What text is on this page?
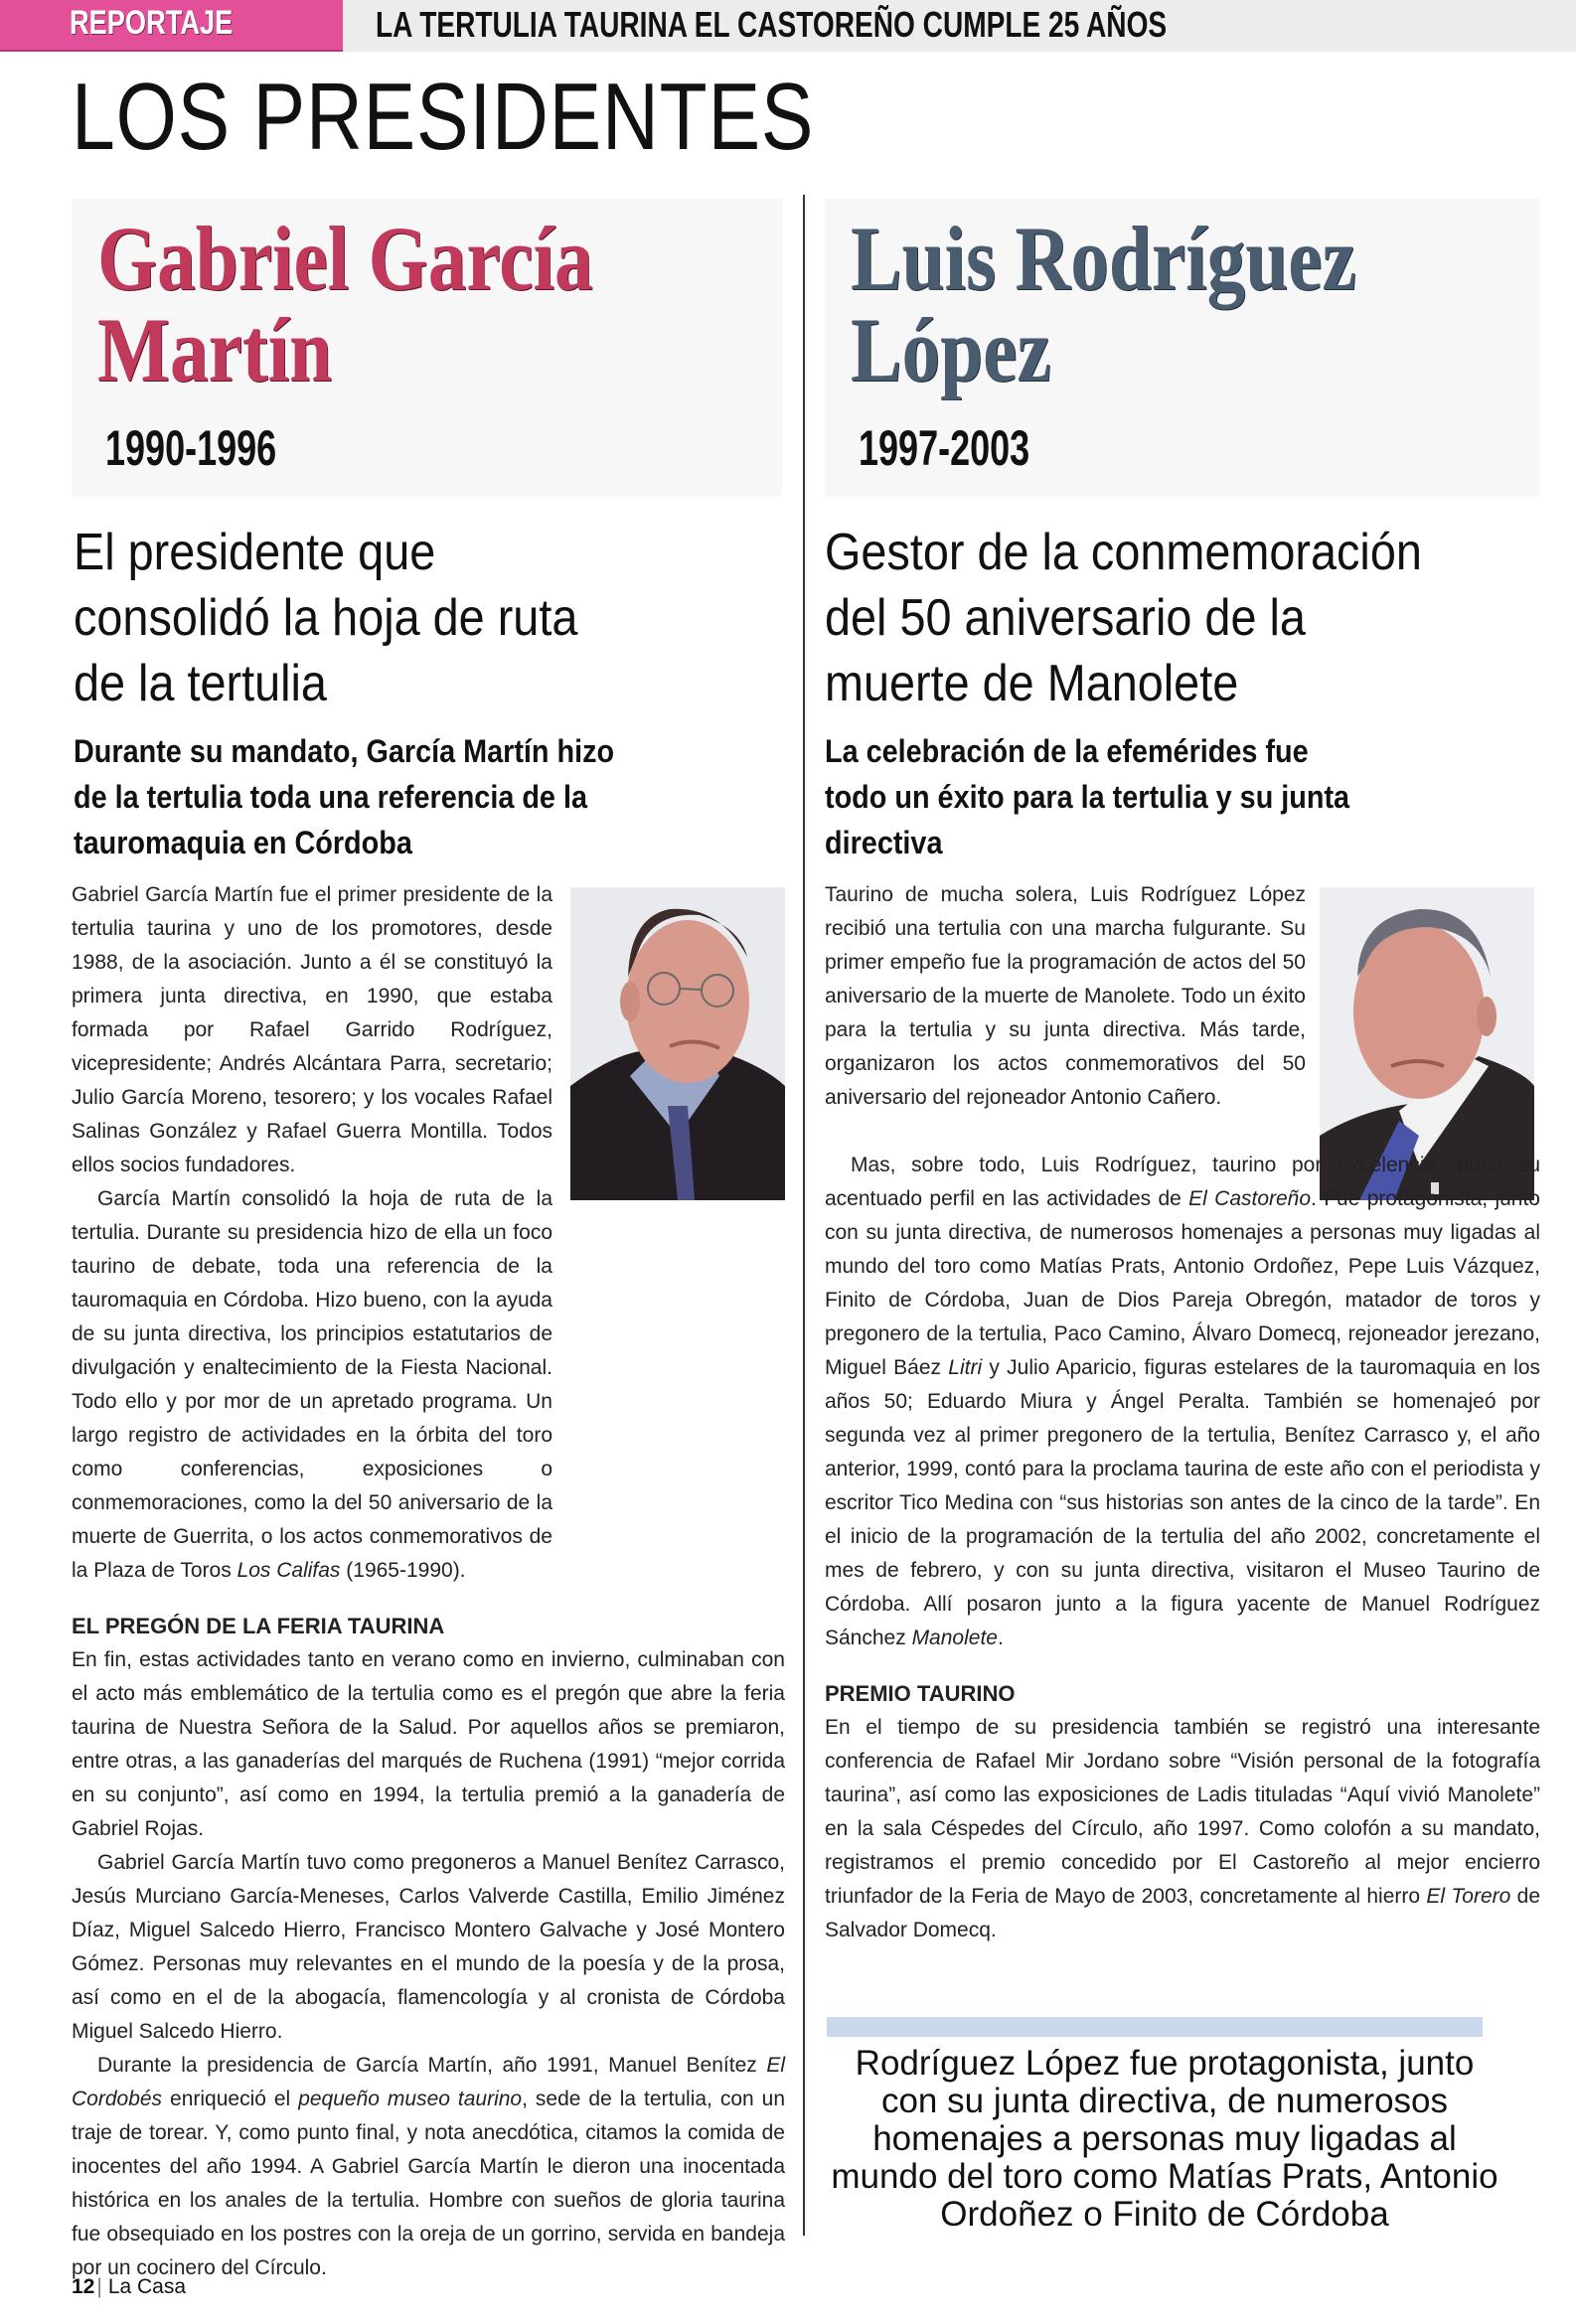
REPORTAJE	LA TERTULIA TAURINA EL CASTOREÑO CUMPLE 25 AÑOS
LOS PRESIDENTES
Gabriel García
Martín
1990-1996
El presidente que
consolidó la hoja de ruta
de la tertulia
Durante su mandato, García Martín hizo
de la tertulia toda una referencia de la
tauromaquia en Córdoba

Gabriel García Martín fue el primer presidente de la tertulia taurina y uno de los promotores, desde 1988, de la asociación. Junto a él se constituyó la primera junta directiva, en 1990, que estaba formada por Rafael Garrido Rodríguez, vicepresidente; Andrés Alcántara Parra, secretario; Julio García Moreno, tesorero; y los vocales Rafael Salinas González y Rafael Guerra Montilla. Todos ellos socios fundadores.

García Martín consolidó la hoja de ruta de la tertulia. Durante su presidencia hizo de ella un foco taurino de debate, toda una referencia de la tauromaquia en Córdoba. Hizo bueno, con la ayuda de su junta directiva, los principios estatutarios de divulgación y enaltecimiento de la Fiesta Nacional. Todo ello y por mor de un apretado programa. Un largo registro de actividades en la órbita del toro como conferencias, exposiciones o conmemoraciones, como la del 50 aniversario de la muerte de Guerrita, o los actos conmemorativos de la Plaza de Toros Los Califas (1965-1990).

EL PREGÓN DE LA FERIA TAURINA

En fin, estas actividades tanto en verano como en invierno, culminaban con el acto más emblemático de la tertulia como es el pregón que abre la feria taurina de Nuestra Señora de la Salud. Por aquellos años se premiaron, entre otras, a las ganaderías del marqués de Ruchena (1991) “mejor corrida en su conjunto”, así como en 1994, la tertulia premió a la ganadería de Gabriel Rojas.

Gabriel García Martín tuvo como pregoneros a Manuel Benítez Carrasco, Jesús Murciano García-Meneses, Carlos Valverde Castilla, Emilio Jiménez Díaz, Miguel Salcedo Hierro, Francisco Montero Galvache y José Montero Gómez. Personas muy relevantes en el mundo de la poesía y de la prosa, así como en el de la abogacía, flamencología y al cronista de Córdoba Miguel Salcedo Hierro.

Durante la presidencia de García Martín, año 1991, Manuel Benítez El Cordobés enriqueció el pequeño museo taurino, sede de la tertulia, con un traje de torear. Y, como punto final, y nota anecdótica, citamos la comida de inocentes del año 1994. A Gabriel García Martín le dieron una inocentada histórica en los anales de la tertulia. Hombre con sueños de gloria taurina fue obsequiado en los postres con la oreja de un gorrino, servida en bandeja por un cocinero del Círculo.

Luis Rodríguez
López
1997-2003
Gestor de la conmemoración
del 50 aniversario de la
muerte de Manolete
La celebración de la efemérides fue
todo un éxito para la tertulia y su junta
directiva

Taurino de mucha solera, Luis Rodríguez López recibió una tertulia con una marcha fulgurante. Su primer empeño fue la programación de actos del 50 aniversario de la muerte de Manolete. Todo un éxito para la tertulia y su junta directiva. Más tarde, organizaron los actos conmemorativos del 50 aniversario del rejoneador Antonio Cañero.

Mas, sobre todo, Luis Rodríguez, taurino por excelencia, puso su acentuado perfil en las actividades de El Castoreño. Fue protagonista, junto con su junta directiva, de numerosos homenajes a personas muy ligadas al mundo del toro como Matías Prats, Antonio Ordoñez, Pepe Luis Vázquez, Finito de Córdoba, Juan de Dios Pareja Obregón, matador de toros y pregonero de la tertulia, Paco Camino, Álvaro Domecq, rejoneador jerezano, Miguel Báez Litri y Julio Aparicio, figuras estelares de la tauromaquia en los años 50; Eduardo Miura y Ángel Peralta. También se homenajeó por segunda vez al primer pregonero de la tertulia, Benítez Carrasco y, el año anterior, 1999, contó para la proclama taurina de este año con el periodista y escritor Tico Medina con “sus historias son antes de la cinco de la tarde”. En el inicio de la programación de la tertulia del año 2002, concretamente el mes de febrero, y con su junta directiva, visitaron el Museo Taurino de Córdoba. Allí posaron junto a la figura yacente de Manuel Rodríguez Sánchez Manolete.

PREMIO TAURINO

En el tiempo de su presidencia también se registró una interesante conferencia de Rafael Mir Jordano sobre “Visión personal de la fotografía taurina”, así como las exposiciones de Ladis tituladas “Aquí vivió Manolete” en la sala Céspedes del Círculo, año 1997. Como colofón a su mandato, registramos el premio concedido por El Castoreño al mejor encierro triunfador de la Feria de Mayo de 2003, concretamente al hierro El Torero de Salvador Domecq.

Rodríguez López fue protagonista, junto con su junta directiva, de numerosos homenajes a personas muy ligadas al mundo del toro como Matías Prats, Antonio Ordoñez o Finito de Córdoba
12| La Casa
